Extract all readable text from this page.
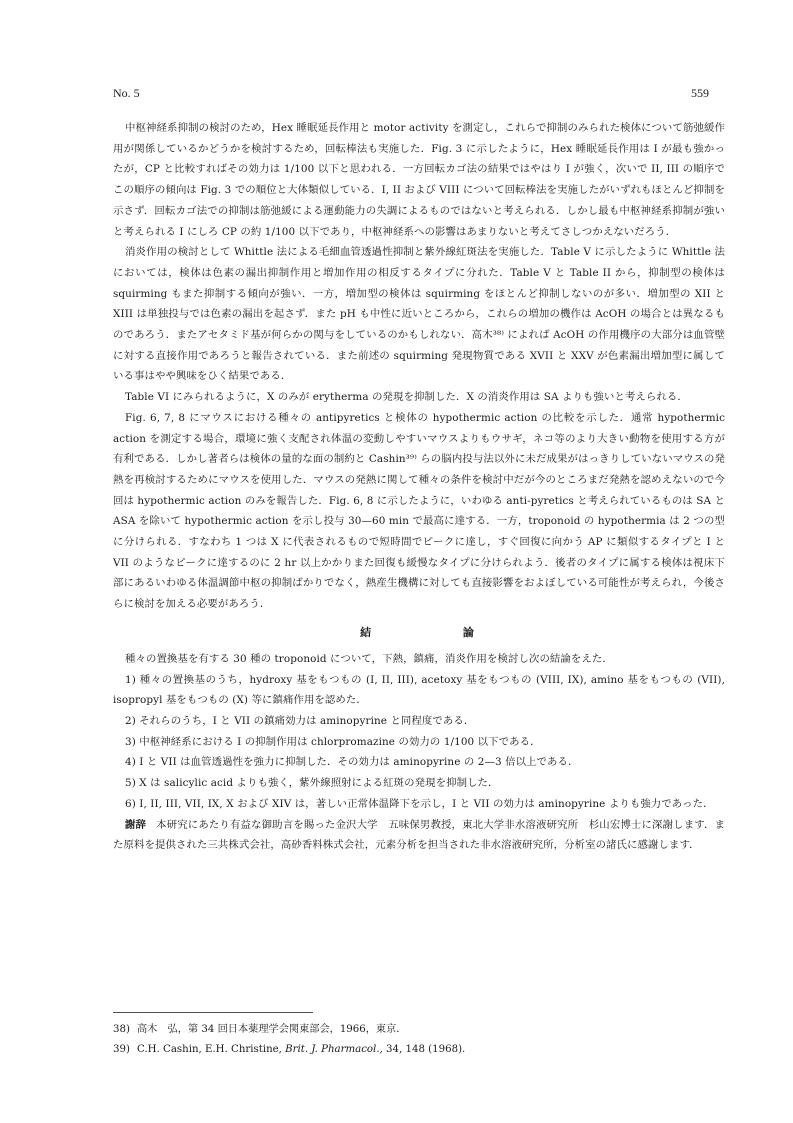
No. 5	559

中枢神経系抑制の検討のため，Hex 睡眠延長作用と motor activity を測定し，これらで抑制のみられた検体について筋弛緩作用が関係しているかどうかを検討するため，回転棒法も実施した．Fig. 3 に示したように，Hex 睡眠延長作用は I が最も強かったが，CP と比較すればその効力は 1/100 以下と思われる．一方回転カゴ法の結果ではやはり I が強く，次いで II, III の順序でこの順序の傾向は Fig. 3 での順位と大体類似している．I, II および VIII について回転棒法を実施したがいずれもほとんど抑制を示さず．回転カゴ法での抑制は筋弛緩による運動能力の失調によるものではないと考えられる．しかし最も中枢神経系抑制が強いと考えられる I にしろ CP の約 1/100 以下であり，中枢神経系への影響はあまりないと考えてさしつかえないだろう．

消炎作用の検討として Whittle 法による毛細血管透過性抑制と紫外線紅斑法を実施した．Table V に示したように Whittle 法においては，検体は色素の漏出抑制作用と増加作用の相反するタイプに分れた．Table V と Table II から，抑制型の検体は squirming もまた抑制する傾向が強い．一方，増加型の検体は squirming をほとんど抑制しないのが多い．増加型の XII と XIII は単独投与では色素の漏出を起さず．また pH も中性に近いところから，これらの増加の機作は AcOH の場合とは異なるものであろう．またアセタミド基が何らかの関与をしているのかもしれない．高木³⁸⁾ によれば AcOH の作用機序の大部分は血管壁に対する直接作用であろうと報告されている．また前述の squirming 発現物質である XVII と XXV が色素漏出増加型に属している事はやや興味をひく結果である．

Table VI にみられるように，X のみが erytherma の発現を抑制した．X の消炎作用は SA よりも強いと考えられる．

Fig. 6, 7, 8 にマウスにおける種々の antipyretics と検体の hypothermic action の比較を示した．通常 hypothermic action を測定する場合，環境に強く支配され体温の変動しやすいマウスよりもウサギ，ネコ等のより大きい動物を使用する方が有利である．しかし著者らは検体の量的な面の制約と Cashin³⁹⁾ らの脳内投与法以外に未だ成果がはっきりしていないマウスの発熱を再検討するためにマウスを使用した．マウスの発熱に関して種々の条件を検討中だが今のところまだ発熱を認めえないので今回は hypothermic action のみを報告した．Fig. 6, 8 に示したように，いわゆる anti-pyretics と考えられているものは SA と ASA を除いて hypothermic action を示し投与 30—60 min で最高に達する．一方，troponoid の hypothermia は 2 つの型に分けられる．すなわち 1 つは X に代表されるもので短時間でピークに達し，すぐ回復に向かう AP に類似するタイプと I と VII のようなピークに達するのに 2 hr 以上かかりまた回復も緩慢なタイプに分けられよう．後者のタイプに属する検体は視床下部にあるいわゆる体温調節中枢の抑制ばかりでなく，熱産生機構に対しても直接影響をおよぼしている可能性が考えられ，今後さらに検討を加える必要があろう．

結 論

種々の置換基を有する 30 種の troponoid について，下熱，鎮痛，消炎作用を検討し次の結論をえた．

1) 種々の置換基のうち，hydroxy 基をもつもの (I, II, III), acetoxy 基をもつもの (VIII, IX), amino 基をもつもの (VII), isopropyl 基をもつもの (X) 等に鎮痛作用を認めた．

2) それらのうち，I と VII の鎮痛効力は aminopyrine と同程度である．

3) 中枢神経系における I の抑制作用は chlorpromazine の効力の 1/100 以下である．

4) I と VII は血管透過性を強力に抑制した．その効力は aminopyrine の 2—3 倍以上である．

5) X は salicylic acid よりも強く，紫外線照射による紅斑の発現を抑制した．

6) I, II, III, VII, IX, X および XIV は，著しい正常体温降下を示し，I と VII の効力は aminopyrine よりも強力であった．

謝辞 本研究にあたり有益な御助言を賜った金沢大学　五味保男教授，東北大学非水溶液研究所　杉山宏博士に深謝します．また原料を提供された三共株式会社，高砂香料株式会社，元素分析を担当された非水溶液研究所，分析室の諸氏に感謝します．

38) 高木　弘，第 34 回日本薬理学会関東部会，1966，東京．
39) C.H. Cashin, E.H. Christine, Brit. J. Pharmacol., 34, 148 (1968).
